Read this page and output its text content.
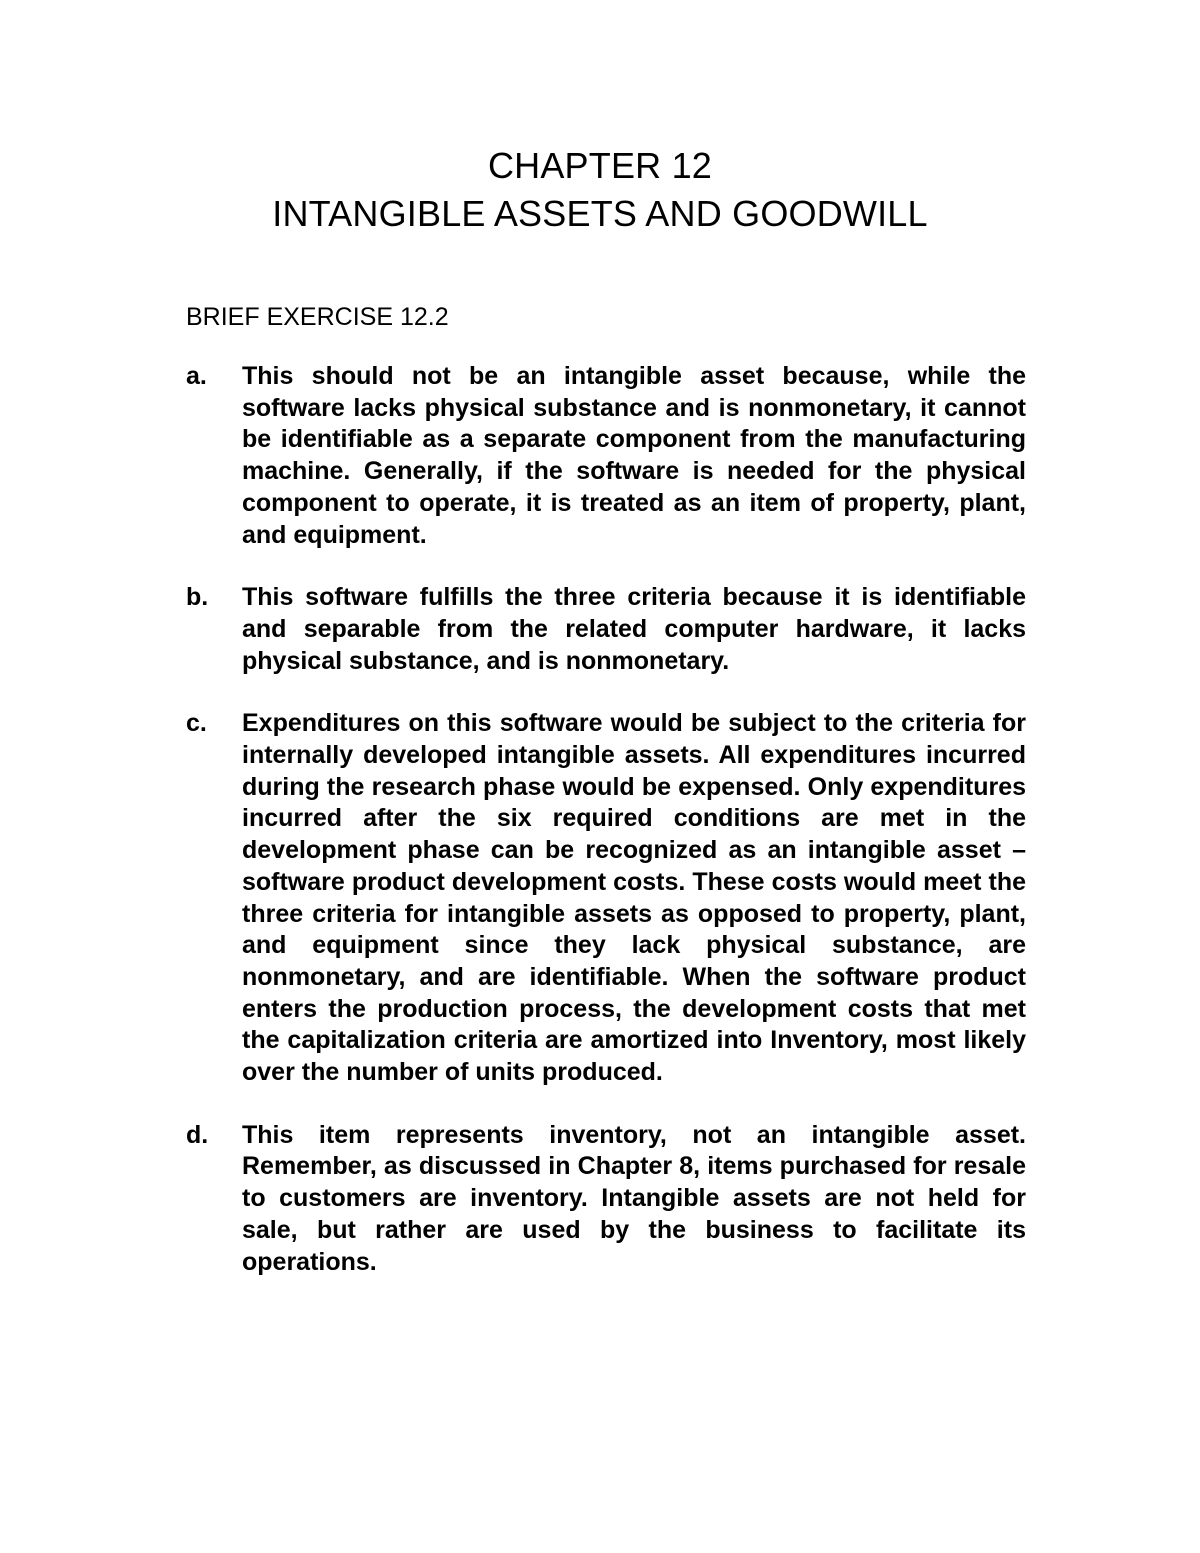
CHAPTER 12
INTANGIBLE ASSETS AND GOODWILL
BRIEF EXERCISE 12.2
a.	This should not be an intangible asset because, while the software lacks physical substance and is nonmonetary, it cannot be identifiable as a separate component from the manufacturing machine. Generally, if the software is needed for the physical component to operate, it is treated as an item of property, plant, and equipment.
b.	This software fulfills the three criteria because it is identifiable and separable from the related computer hardware, it lacks physical substance, and is nonmonetary.
c.	Expenditures on this software would be subject to the criteria for internally developed intangible assets. All expenditures incurred during the research phase would be expensed. Only expenditures incurred after the six required conditions are met in the development phase can be recognized as an intangible asset – software product development costs. These costs would meet the three criteria for intangible assets as opposed to property, plant, and equipment since they lack physical substance, are nonmonetary, and are identifiable. When the software product enters the production process, the development costs that met the capitalization criteria are amortized into Inventory, most likely over the number of units produced.
d.	This item represents inventory, not an intangible asset. Remember, as discussed in Chapter 8, items purchased for resale to customers are inventory. Intangible assets are not held for sale, but rather are used by the business to facilitate its operations.
